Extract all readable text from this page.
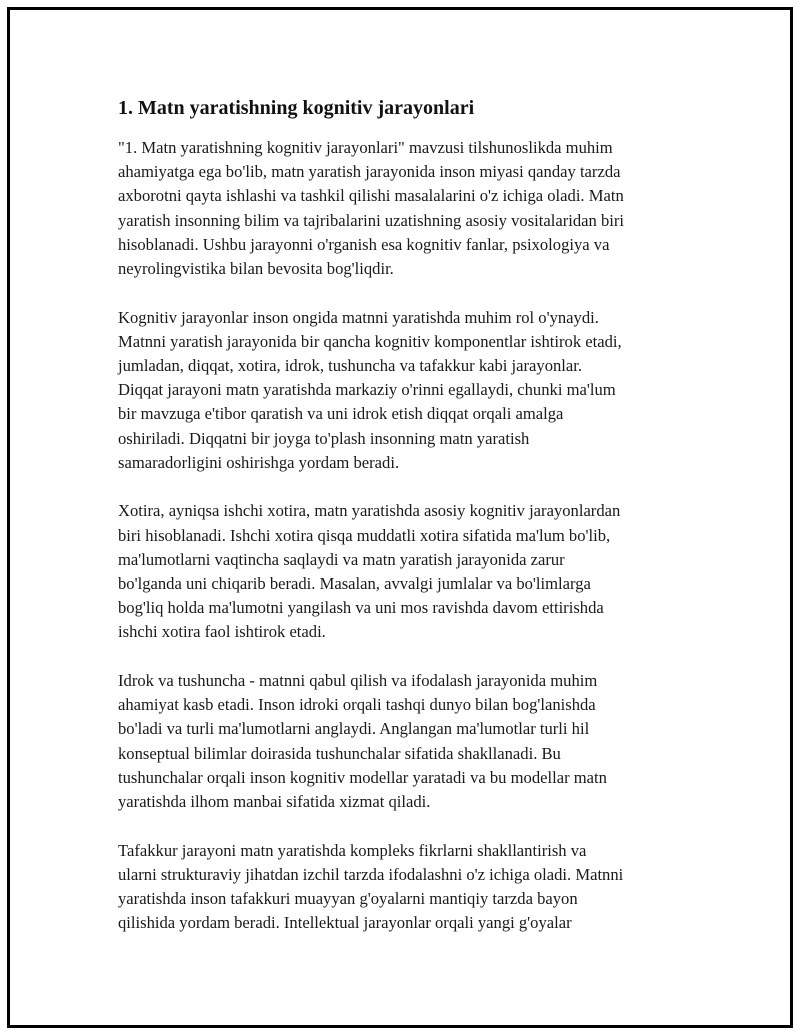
1. Matn yaratishning kognitiv jarayonlari

"1. Matn yaratishning kognitiv jarayonlari" mavzusi tilshunoslikda muhim
ahamiyatga ega bo'lib, matn yaratish jarayonida inson miyasi qanday tarzda
axborotni qayta ishlashi va tashkil qilishi masalalarini o'z ichiga oladi. Matn
yaratish insonning bilim va tajribalarini uzatishning asosiy vositalaridan biri
hisoblanadi. Ushbu jarayonni o'rganish esa kognitiv fanlar, psixologiya va
neyrolingvistika bilan bevosita bog'liqdir.

Kognitiv jarayonlar inson ongida matnni yaratishda muhim rol o'ynaydi.
Matnni yaratish jarayonida bir qancha kognitiv komponentlar ishtirok etadi,
jumladan, diqqat, xotira, idrok, tushuncha va tafakkur kabi jarayonlar.
Diqqat jarayoni matn yaratishda markaziy o'rinni egallaydi, chunki ma'lum
bir mavzuga e'tibor qaratish va uni idrok etish diqqat orqali amalga
oshiriladi. Diqqatni bir joyga to'plash insonning matn yaratish
samaradorligini oshirishga yordam beradi.

Xotira, ayniqsa ishchi xotira, matn yaratishda asosiy kognitiv jarayonlardan
biri hisoblanadi. Ishchi xotira qisqa muddatli xotira sifatida ma'lum bo'lib,
ma'lumotlarni vaqtincha saqlaydi va matn yaratish jarayonida zarur
bo'lganda uni chiqarib beradi. Masalan, avvalgi jumlalar va bo'limlarga
bog'liq holda ma'lumotni yangilash va uni mos ravishda davom ettirishda
ishchi xotira faol ishtirok etadi.

Idrok va tushuncha - matnni qabul qilish va ifodalash jarayonida muhim
ahamiyat kasb etadi. Inson idroki orqali tashqi dunyo bilan bog'lanishda
bo'ladi va turli ma'lumotlarni anglaydi. Anglangan ma'lumotlar turli hil
konseptual bilimlar doirasida tushunchalar sifatida shakllanadi. Bu
tushunchalar orqali inson kognitiv modellar yaratadi va bu modellar matn
yaratishda ilhom manbai sifatida xizmat qiladi.

Tafakkur jarayoni matn yaratishda kompleks fikrlarni shakllantirish va
ularni strukturaviy jihatdan izchil tarzda ifodalashni o'z ichiga oladi. Matnni
yaratishda inson tafakkuri muayyan g'oyalarni mantiqiy tarzda bayon
qilishida yordam beradi. Intellektual jarayonlar orqali yangi g'oyalar
